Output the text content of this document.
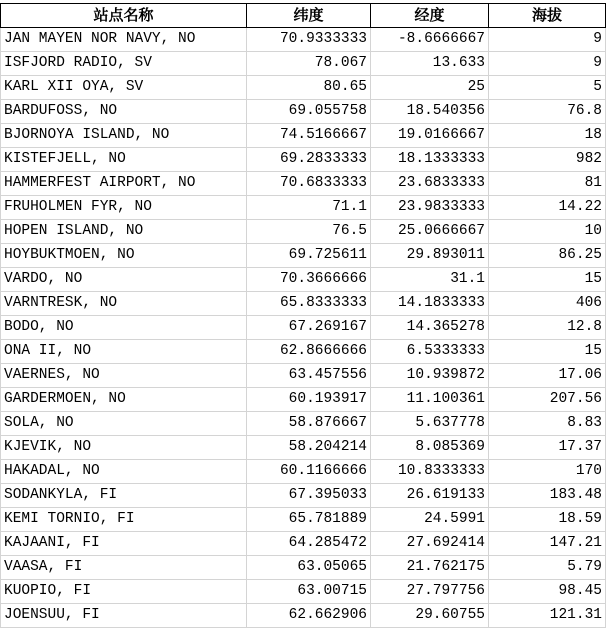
站点名称	纬度	经度	海拔
JAN MAYEN NOR NAVY, NO	70.9333333	-8.6666667	9
ISFJORD RADIO, SV	78.067	13.633	9
KARL XII OYA, SV	80.65	25	5
BARDUFOSS, NO	69.055758	18.540356	76.8
BJORNOYA ISLAND, NO	74.5166667	19.0166667	18
KISTEFJELL, NO	69.2833333	18.1333333	982
HAMMERFEST AIRPORT, NO	70.6833333	23.6833333	81
FRUHOLMEN FYR, NO	71.1	23.9833333	14.22
HOPEN ISLAND, NO	76.5	25.0666667	10
HOYBUKTMOEN, NO	69.725611	29.893011	86.25
VARDO, NO	70.3666666	31.1	15
VARNTRESK, NO	65.8333333	14.1833333	406
BODO, NO	67.269167	14.365278	12.8
ONA II, NO	62.8666666	6.5333333	15
VAERNES, NO	63.457556	10.939872	17.06
GARDERMOEN, NO	60.193917	11.100361	207.56
SOLA, NO	58.876667	5.637778	8.83
KJEVIK, NO	58.204214	8.085369	17.37
HAKADAL, NO	60.1166666	10.8333333	170
SODANKYLA, FI	67.395033	26.619133	183.48
KEMI TORNIO, FI	65.781889	24.5991	18.59
KAJAANI, FI	64.285472	27.692414	147.21
VAASA, FI	63.05065	21.762175	5.79
KUOPIO, FI	63.00715	27.797756	98.45
JOENSUU, FI	62.662906	29.60755	121.31
